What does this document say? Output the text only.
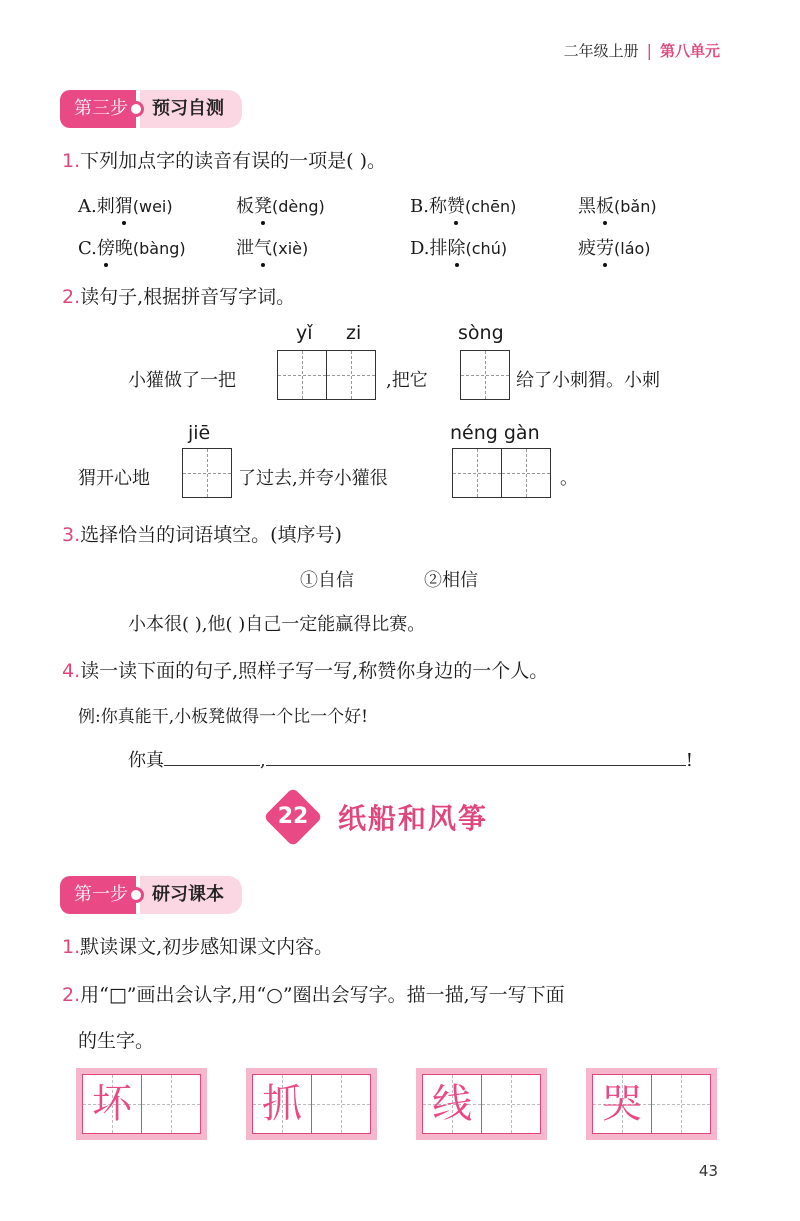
二年级上册 | 第八单元
第三步	预习自测
1.下列加点字的读音有误的一项是( )。
A.刺猬(wei)	板凳(dèng)	B.称赞(chēn)	黑板(bǎn)
C.傍晚(bàng)	泄气(xiè)	D.排除(chú)	疲劳(láo)
2.读句子,根据拼音写字词。
yǐ zi	sòng
小獾做了一把	,把它	给了小刺猬。小刺
jiē	néng gàn
猬开心地	了过去,并夸小獾很	。
3.选择恰当的词语填空。(填序号)
①自信	②相信
小本很( ),他( )自己一定能赢得比赛。
4.读一读下面的句子,照样子写一写,称赞你身边的一个人。
例:你真能干,小板凳做得一个比一个好!
你真	,	!
22 纸船和风筝
第一步	研习课本
1.默读课文,初步感知课文内容。
2.用“□”画出会认字,用“○”圈出会写字。描一描,写一写下面
的生字。
坏	抓	线	哭
43
